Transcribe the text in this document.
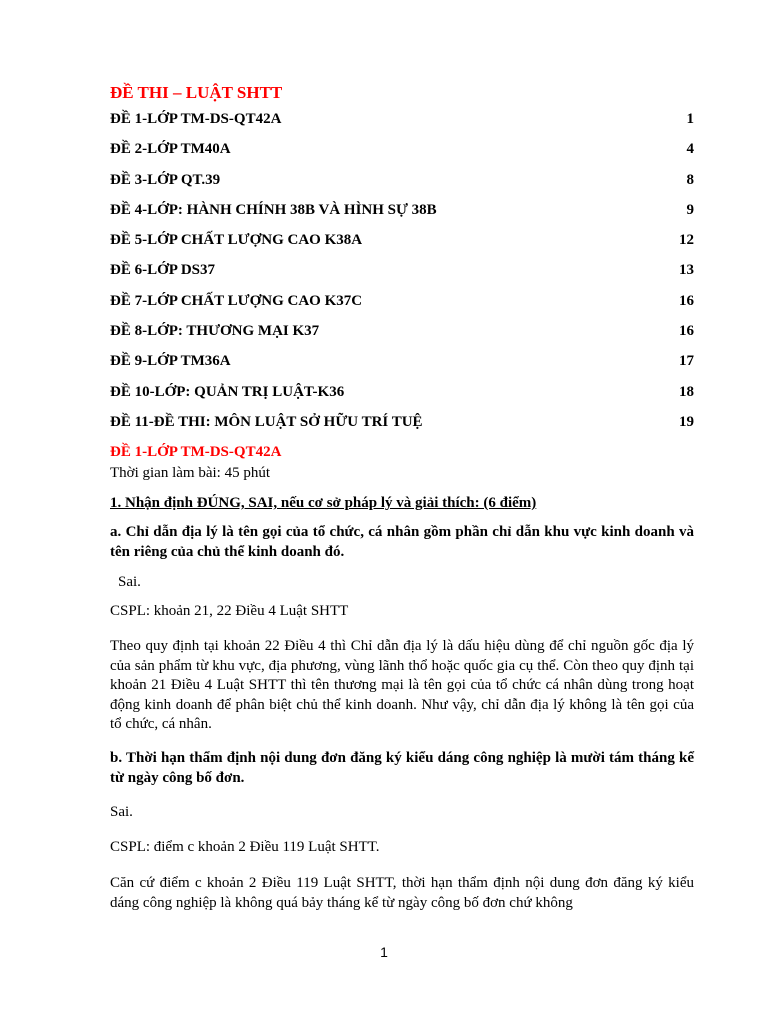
ĐỀ THI – LUẬT SHTT
ĐỀ 1-LỚP TM-DS-QT42A	1
ĐỀ 2-LỚP TM40A	4
ĐỀ 3-LỚP QT.39	8
ĐỀ 4-LỚP: HÀNH CHÍNH 38B VÀ HÌNH SỰ 38B	9
ĐỀ 5-LỚP CHẤT LƯỢNG CAO K38A	12
ĐỀ 6-LỚP DS37	13
ĐỀ 7-LỚP CHẤT LƯỢNG CAO K37C	16
ĐỀ 8-LỚP: THƯƠNG MẠI K37	16
ĐỀ 9-LỚP TM36A	17
ĐỀ 10-LỚP: QUẢN TRỊ LUẬT-K36	18
ĐỀ 11-ĐỀ THI: MÔN LUẬT SỞ HỮU TRÍ TUỆ	19
ĐỀ 1-LỚP TM-DS-QT42A
Thời gian làm bài: 45 phút
1. Nhận định ĐÚNG, SAI, nếu cơ sở pháp lý và giải thích: (6 điểm)
a. Chỉ dẫn địa lý là tên gọi của tổ chức, cá nhân gồm phần chỉ dẫn khu vực kinh doanh và tên riêng của chủ thể kinh doanh đó.
Sai.
CSPL: khoản 21, 22 Điều 4 Luật SHTT
Theo quy định tại khoản 22 Điều 4 thì Chỉ dẫn địa lý là dấu hiệu dùng để chỉ nguồn gốc địa lý của sản phẩm từ khu vực, địa phương, vùng lãnh thổ hoặc quốc gia cụ thể. Còn theo quy định tại khoản 21 Điều 4 Luật SHTT thì tên thương mại là tên gọi của tổ chức cá nhân dùng trong hoạt động kinh doanh để phân biệt chủ thể kinh doanh. Như vậy, chỉ dẫn địa lý không là tên gọi của tổ chức, cá nhân.
b. Thời hạn thẩm định nội dung đơn đăng ký kiểu dáng công nghiệp là mười tám tháng kể từ ngày công bố đơn.
Sai.
CSPL: điểm c khoản 2 Điều 119 Luật SHTT.
Căn cứ điểm c khoản 2 Điều 119 Luật SHTT, thời hạn thẩm định nội dung đơn đăng ký kiểu dáng công nghiệp là không quá bảy tháng kể từ ngày công bố đơn chứ không
1
